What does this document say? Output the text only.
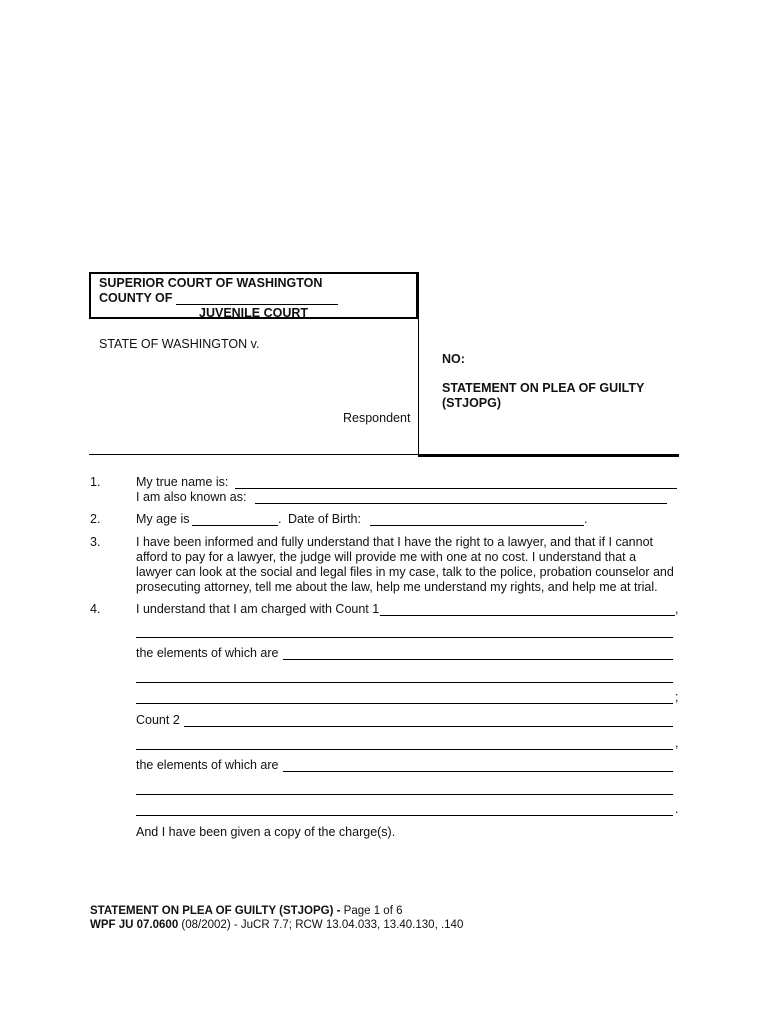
SUPERIOR COURT OF WASHINGTON
COUNTY OF
JUVENILE COURT
STATE OF WASHINGTON v.
Respondent
NO:
STATEMENT ON PLEA OF GUILTY
(STJOPG)
1.	My true name is:
I am also known as:
2.	My age is	. Date of Birth:	.
3.	I have been informed and fully understand that I have the right to a lawyer, and that if I cannot
afford to pay for a lawyer, the judge will provide me with one at no cost. I understand that a
lawyer can look at the social and legal files in my case, talk to the police, probation counselor and
prosecuting attorney, tell me about the law, help me understand my rights, and help me at trial.
4.	I understand that I am charged with Count 1	,
the elements of which are
;
Count 2
,
the elements of which are
.
And I have been given a copy of the charge(s).
STATEMENT ON PLEA OF GUILTY (STJOPG) - Page 1 of 6
WPF JU 07.0600 (08/2002) - JuCR 7.7; RCW 13.04.033, 13.40.130, .140
